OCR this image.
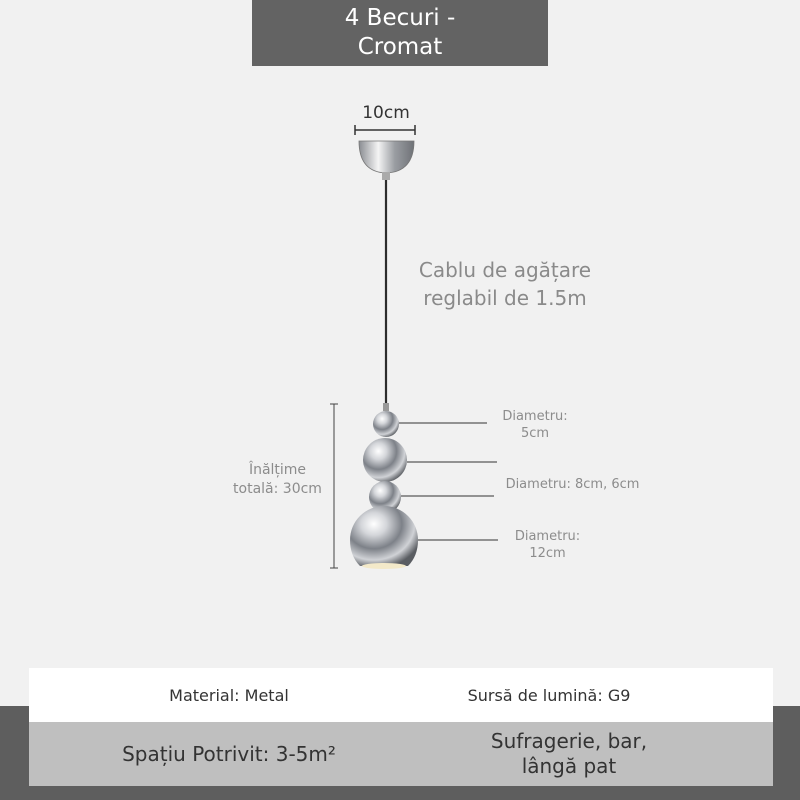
4 Becuri -
Cromat
10cm
Cablu de agățare
reglabil de 1.5m
Diametru:
5cm
Diametru: 8cm, 6cm
Diametru:
12cm
Înălțime
totală: 30cm
Material: Metal	Sursă de lumină: G9
Spațiu Potrivit: 3-5m²
Sufragerie, bar,
lângă pat
